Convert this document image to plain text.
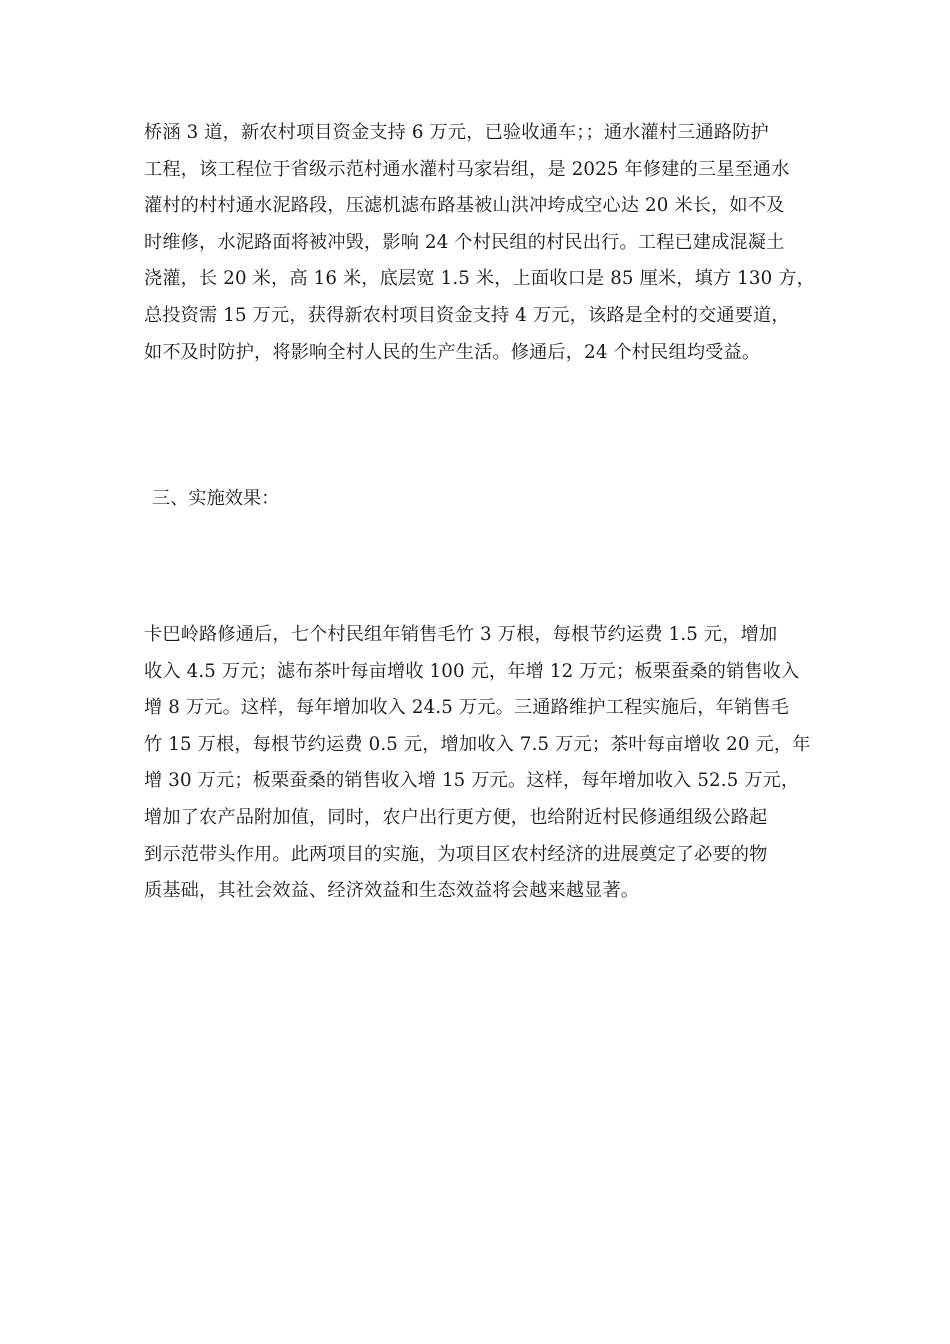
桥涵 3 道，新农村项目资金支持 6 万元，已验收通车；；通水灌村三通路防护
工程，该工程位于省级示范村通水灌村马家岩组，是 2025 年修建的三星至通水
灌村的村村通水泥路段，压滤机滤布路基被山洪冲垮成空心达 20 米长，如不及
时维修，水泥路面将被冲毁，影响 24 个村民组的村民出行。工程已建成混凝土
浇灌，长 20 米，高 16 米，底层宽 1.5 米，上面收口是 85 厘米，填方 130 方，
总投资需 15 万元，获得新农村项目资金支持 4 万元，该路是全村的交通要道，
如不及时防护，将影响全村人民的生产生活。修通后，24 个村民组均受益。
三、实施效果：
卡巴岭路修通后，七个村民组年销售毛竹 3 万根，每根节约运费 1.5 元，增加
收入 4.5 万元；滤布茶叶每亩增收 100 元，年增 12 万元；板栗蚕桑的销售收入
增 8 万元。这样，每年增加收入 24.5 万元。三通路维护工程实施后，年销售毛
竹 15 万根，每根节约运费 0.5 元，增加收入 7.5 万元；茶叶每亩增收 20 元，年
增 30 万元；板栗蚕桑的销售收入增 15 万元。这样，每年增加收入 52.5 万元，
增加了农产品附加值，同时，农户出行更方便，也给附近村民修通组级公路起
到示范带头作用。此两项目的实施，为项目区农村经济的进展奠定了必要的物
质基础，其社会效益、经济效益和生态效益将会越来越显著。
